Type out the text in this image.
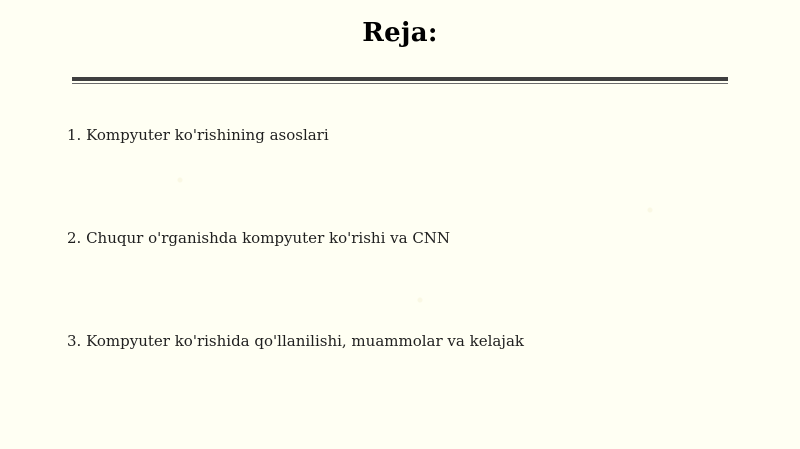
Reja:
1. Kompyuter ko'rishining asoslari
2. Chuqur o'rganishda kompyuter ko'rishi va CNN
3. Kompyuter ko'rishida qo'llanilishi, muammolar va kelajak
